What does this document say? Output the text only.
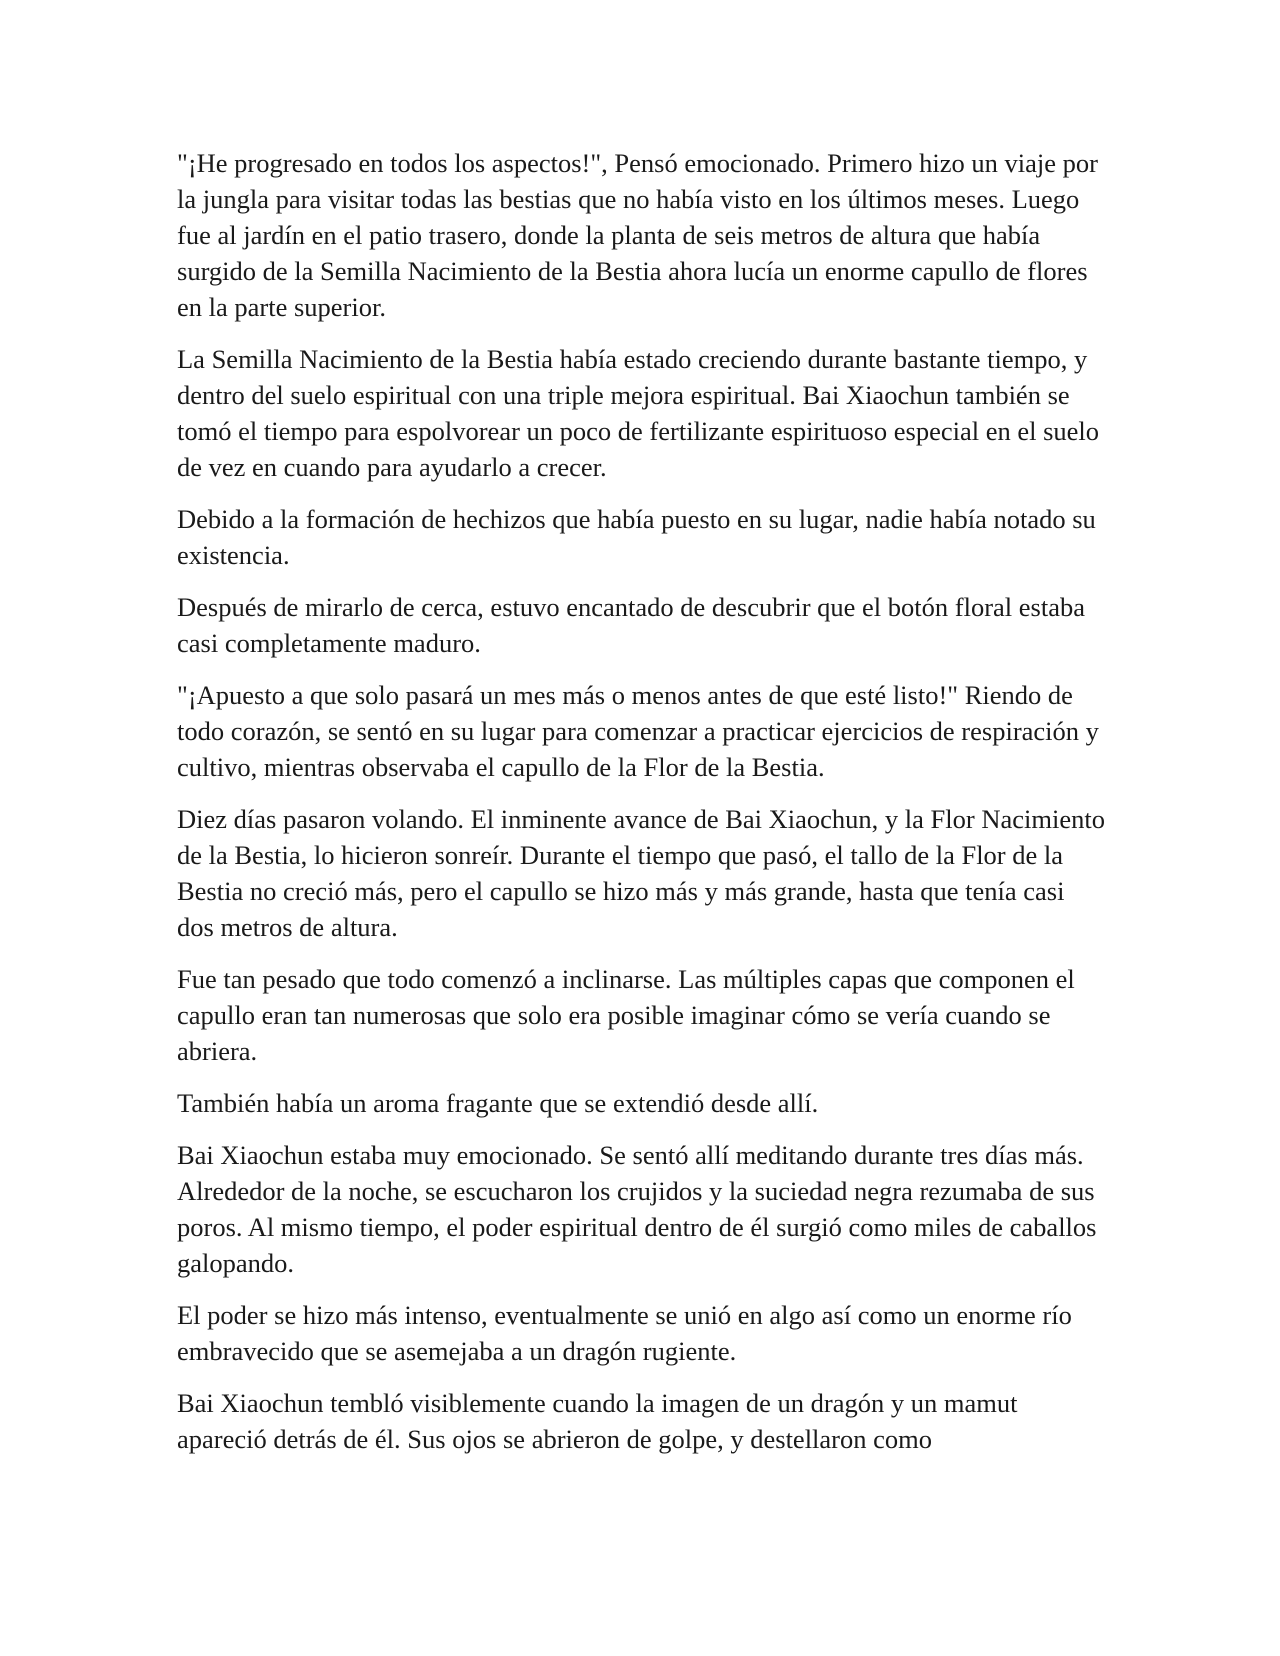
"¡He progresado en todos los aspectos!", Pensó emocionado. Primero hizo un viaje por la jungla para visitar todas las bestias que no había visto en los últimos meses. Luego fue al jardín en el patio trasero, donde la planta de seis metros de altura que había surgido de la Semilla Nacimiento de la Bestia ahora lucía un enorme capullo de flores en la parte superior.

La Semilla Nacimiento de la Bestia había estado creciendo durante bastante tiempo, y dentro del suelo espiritual con una triple mejora espiritual. Bai Xiaochun también se tomó el tiempo para espolvorear un poco de fertilizante espirituoso especial en el suelo de vez en cuando para ayudarlo a crecer.

Debido a la formación de hechizos que había puesto en su lugar, nadie había notado su existencia.

Después de mirarlo de cerca, estuvo encantado de descubrir que el botón floral estaba casi completamente maduro.

"¡Apuesto a que solo pasará un mes más o menos antes de que esté listo!" Riendo de todo corazón, se sentó en su lugar para comenzar a practicar ejercicios de respiración y cultivo, mientras observaba el capullo de la Flor de la Bestia.

Diez días pasaron volando. El inminente avance de Bai Xiaochun, y la Flor Nacimiento de la Bestia, lo hicieron sonreír. Durante el tiempo que pasó, el tallo de la Flor de la Bestia no creció más, pero el capullo se hizo más y más grande, hasta que tenía casi dos metros de altura.

Fue tan pesado que todo comenzó a inclinarse. Las múltiples capas que componen el capullo eran tan numerosas que solo era posible imaginar cómo se vería cuando se abriera.

También había un aroma fragante que se extendió desde allí.

Bai Xiaochun estaba muy emocionado. Se sentó allí meditando durante tres días más. Alrededor de la noche, se escucharon los crujidos y la suciedad negra rezumaba de sus poros. Al mismo tiempo, el poder espiritual dentro de él surgió como miles de caballos galopando.

El poder se hizo más intenso, eventualmente se unió en algo así como un enorme río embravecido que se asemejaba a un dragón rugiente.

Bai Xiaochun tembló visiblemente cuando la imagen de un dragón y un mamut apareció detrás de él. Sus ojos se abrieron de golpe, y destellaron como
